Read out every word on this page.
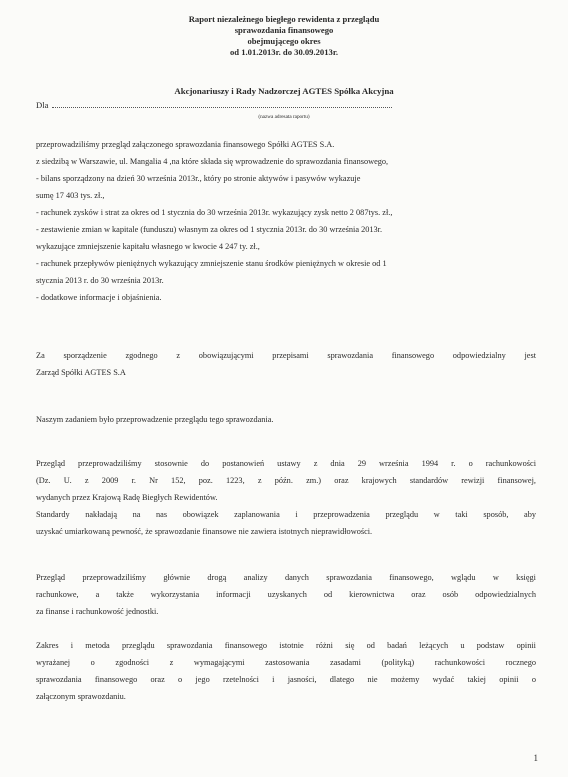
Raport niezależnego biegłego rewidenta z przeglądu
sprawozdania finansowego
obejmującego okres
od 1.01.2013r. do 30.09.2013r.
Akcjonariuszy i Rady Nadzorczej AGTES Spółka Akcyjna
Dla
(nazwa adresata raportu)
przeprowadziliśmy przegląd załączonego sprawozdania finansowego Spółki AGTES S.A.
z siedzibą w Warszawie, ul. Mangalia 4 ,na które składa się wprowadzenie do sprawozdania finansowego,
- bilans sporządzony na dzień 30 września 2013r., który po stronie aktywów i pasywów wykazuje
sumę 17 403 tys. zł.,
- rachunek zysków i strat za okres od 1 stycznia do 30 września 2013r. wykazujący zysk netto 2 087tys. zł.,
- zestawienie zmian w kapitale (funduszu) własnym za okres od 1 stycznia 2013r. do 30 września 2013r.
wykazujące zmniejszenie kapitału własnego w kwocie 4 247 ty. zł.,
- rachunek przepływów pieniężnych wykazujący zmniejszenie stanu środków pieniężnych w okresie od 1
stycznia 2013 r. do 30 września 2013r.
- dodatkowe informacje i objaśnienia.
Za sporządzenie zgodnego z obowiązującymi przepisami sprawozdania finansowego odpowiedzialny jest
Zarząd Spółki AGTES S.A
Naszym zadaniem było przeprowadzenie przeglądu tego sprawozdania.
Przegląd przeprowadziliśmy stosownie do postanowień ustawy z dnia 29 września 1994 r. o rachunkowości
(Dz. U. z 2009 r. Nr 152, poz. 1223, z późn. zm.) oraz krajowych standardów rewizji finansowej,
wydanych przez Krajową Radę Biegłych Rewidentów.
Standardy nakładają na nas obowiązek zaplanowania i przeprowadzenia przeglądu w taki sposób, aby
uzyskać umiarkowaną pewność, że sprawozdanie finansowe nie zawiera istotnych nieprawidłowości.
Przegląd przeprowadziliśmy głównie drogą analizy danych sprawozdania finansowego, wglądu w księgi
rachunkowe, a także wykorzystania informacji uzyskanych od kierownictwa oraz osób odpowiedzialnych
za finanse i rachunkowość jednostki.
Zakres i metoda przeglądu sprawozdania finansowego istotnie różni się od badań leżących u podstaw opinii
wyrażanej o zgodności z wymagającymi zastosowania zasadami (polityką) rachunkowości rocznego
sprawozdania finansowego oraz o jego rzetelności i jasności, dlatego nie możemy wydać takiej opinii o
załączonym sprawozdaniu.
1
